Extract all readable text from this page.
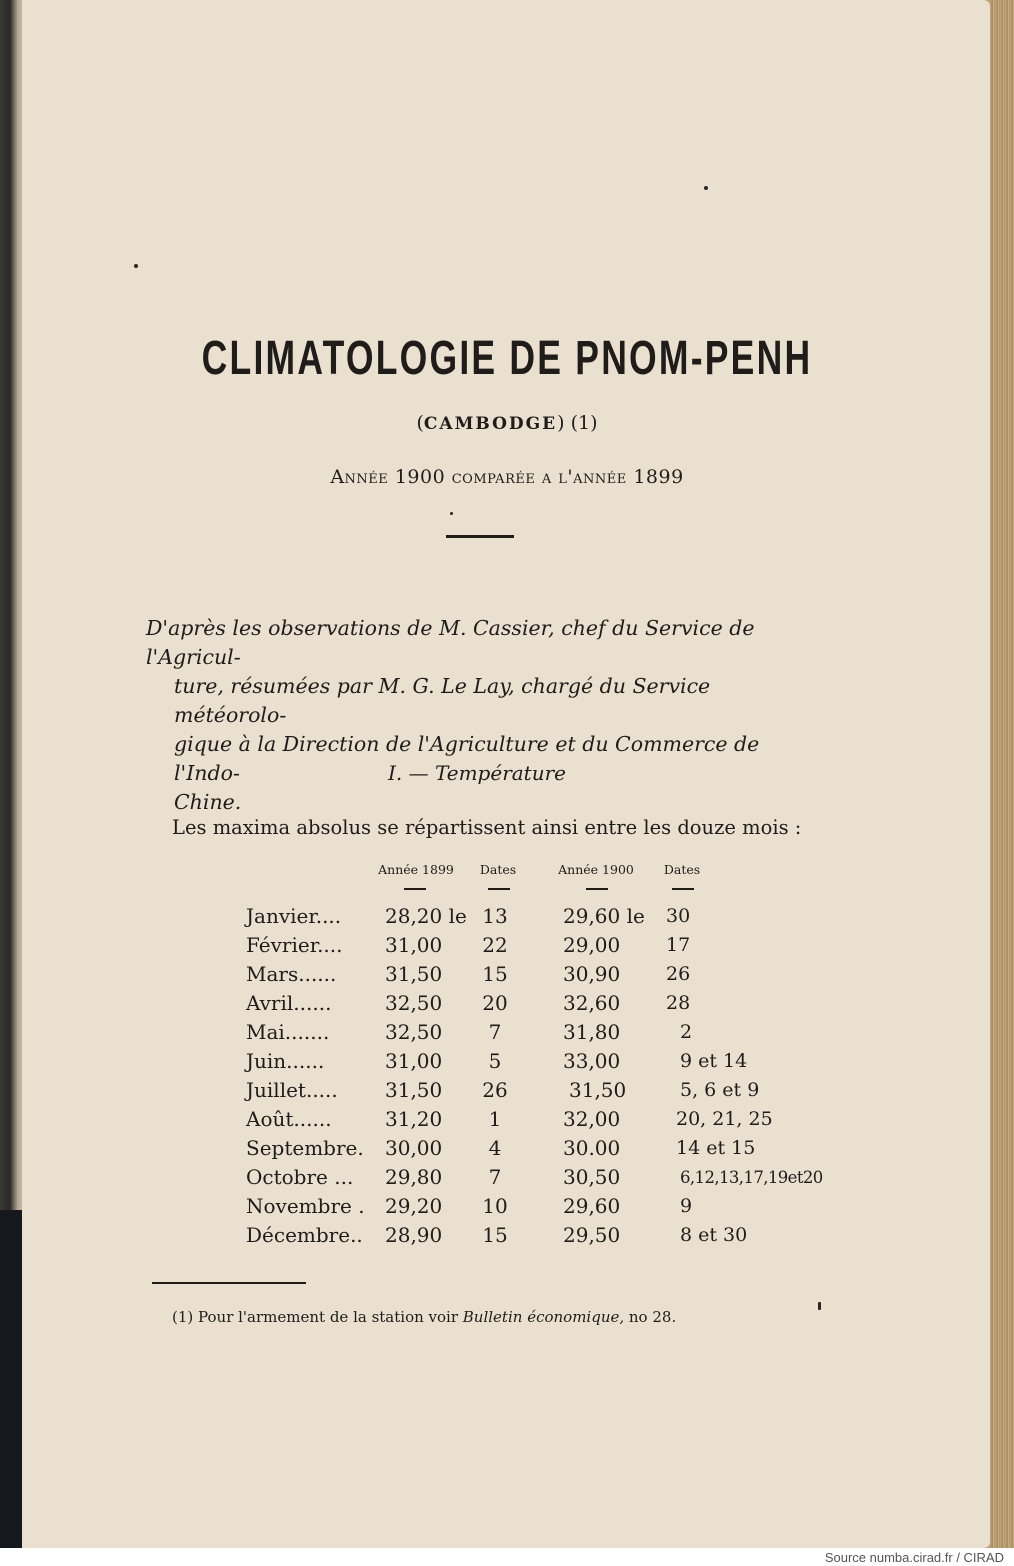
CLIMATOLOGIE DE PNOM-PENH
(CAMBODGE) (1)
Année 1900 comparée a l'année 1899
D'après les observations de M. Cassier, chef du Service de l'Agricul-
ture, résumées par M. G. Le Lay, chargé du Service météorolo-
gique à la Direction de l'Agriculture et du Commerce de l'Indo-
Chine.
I. — Température
Les maxima absolus se répartissent ainsi entre les douze mois :
Année 1899	Dates	Année 1900	Dates
Janvier.... 28,20 le 13	29,60 le 30
Février.... 31,00	22	29,00 17
Mars...... 31,50	15	30,90 26
Avril......	32,50	20	32,60 28
Mai.......	32,50	7	31,80	2
Juin......	31,00	5	33,00	9 et 14
Juillet..... 31,50	26	31,50	5, 6 et 9
Août......	31,20	1	32,00	20, 21, 25
Septembre. 30,00	4	30.00	14 et 15
Octobre ... 29,80	7	30,50	6,12,13,17,19et20
Novembre . 29,20	10	29,60	9
Décembre.. 28,90	15	29,50	8 et 30
(1) Pour l'armement de la station voir Bulletin économique, no 28.
Source numba.cirad.fr / CIRAD
